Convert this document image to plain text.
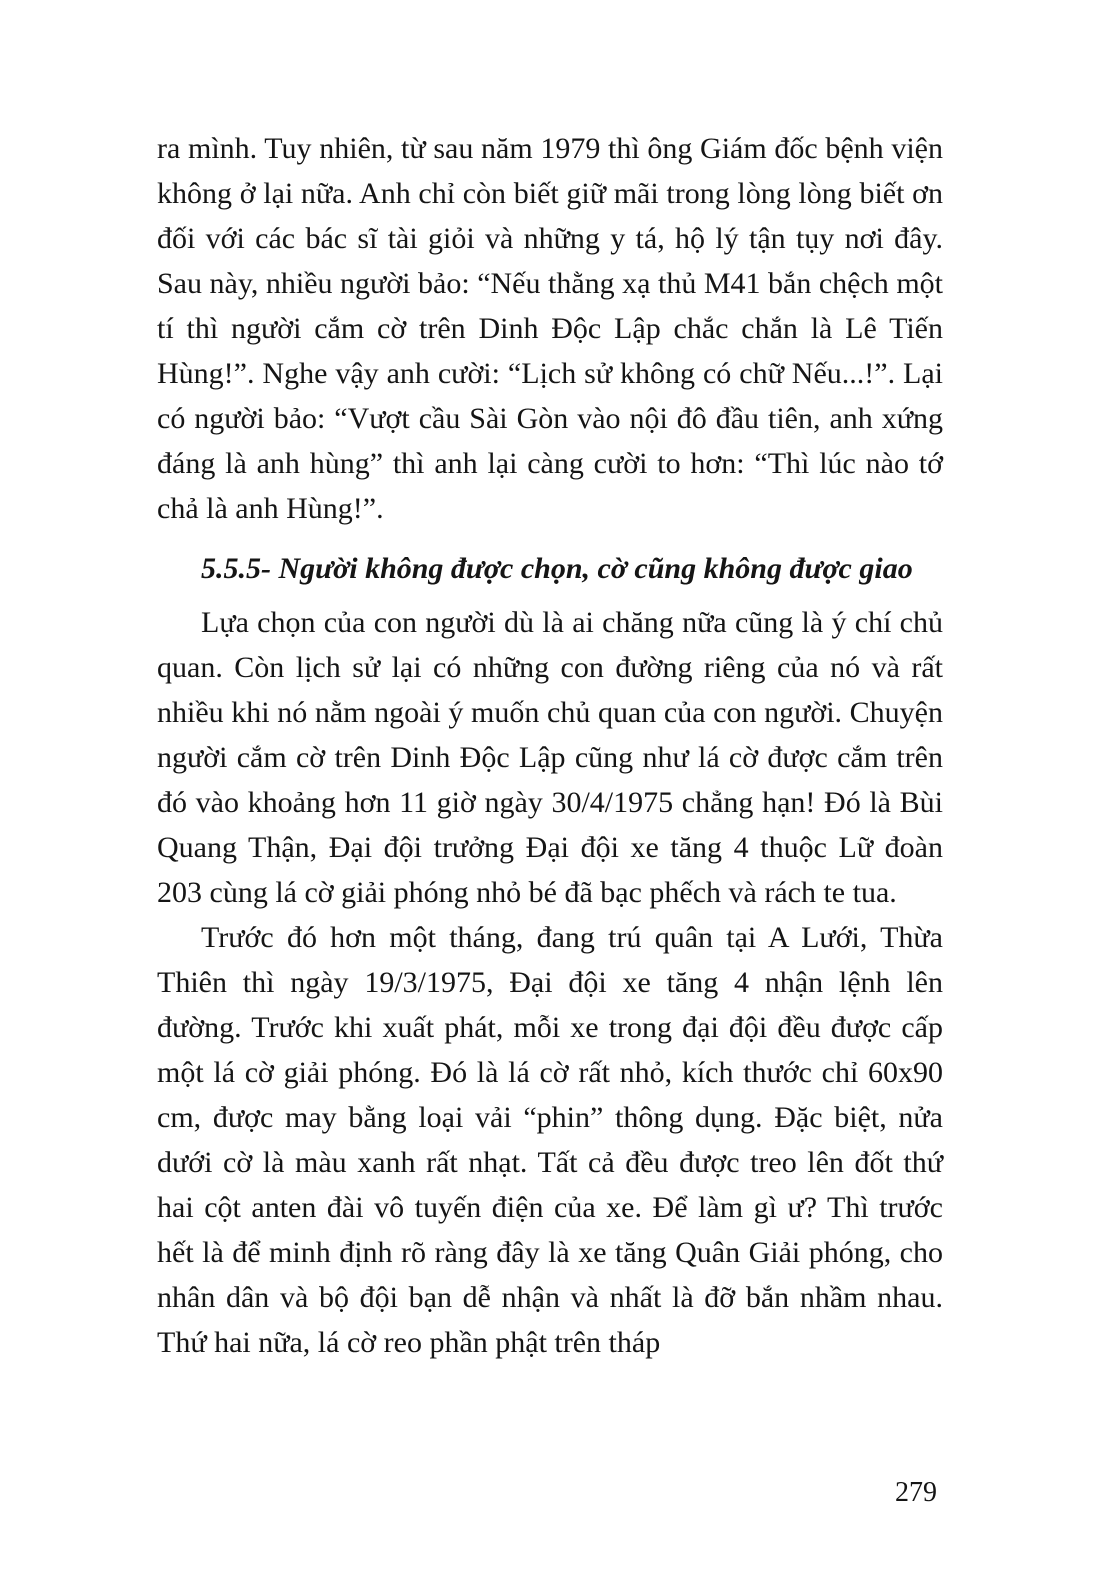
ra mình. Tuy nhiên, từ sau năm 1979 thì ông Giám đốc bệnh viện không ở lại nữa. Anh chỉ còn biết giữ mãi trong lòng lòng biết ơn đối với các bác sĩ tài giỏi và những y tá, hộ lý tận tụy nơi đây. Sau này, nhiều người bảo: “Nếu thằng xạ thủ M41 bắn chệch một tí thì người cắm cờ trên Dinh Độc Lập chắc chắn là Lê Tiến Hùng!”. Nghe vậy anh cười: “Lịch sử không có chữ Nếu...!”. Lại có người bảo: “Vượt cầu Sài Gòn vào nội đô đầu tiên, anh xứng đáng là anh hùng” thì anh lại càng cười to hơn: “Thì lúc nào tớ chả là anh Hùng!”.

5.5.5- Người không được chọn, cờ cũng không được giao

Lựa chọn của con người dù là ai chăng nữa cũng là ý chí chủ quan. Còn lịch sử lại có những con đường riêng của nó và rất nhiều khi nó nằm ngoài ý muốn chủ quan của con người. Chuyện người cắm cờ trên Dinh Độc Lập cũng như lá cờ được cắm trên đó vào khoảng hơn 11 giờ ngày 30/4/1975 chẳng hạn! Đó là Bùi Quang Thận, Đại đội trưởng Đại đội xe tăng 4 thuộc Lữ đoàn 203 cùng lá cờ giải phóng nhỏ bé đã bạc phếch và rách te tua.

Trước đó hơn một tháng, đang trú quân tại A Lưới, Thừa Thiên thì ngày 19/3/1975, Đại đội xe tăng 4 nhận lệnh lên đường. Trước khi xuất phát, mỗi xe trong đại đội đều được cấp một lá cờ giải phóng. Đó là lá cờ rất nhỏ, kích thước chỉ 60x90 cm, được may bằng loại vải “phin” thông dụng. Đặc biệt, nửa dưới cờ là màu xanh rất nhạt. Tất cả đều được treo lên đốt thứ hai cột anten đài vô tuyến điện của xe. Để làm gì ư? Thì trước hết là để minh định rõ ràng đây là xe tăng Quân Giải phóng, cho nhân dân và bộ đội bạn dễ nhận và nhất là đỡ bắn nhầm nhau. Thứ hai nữa, lá cờ reo phần phật trên tháp

279
